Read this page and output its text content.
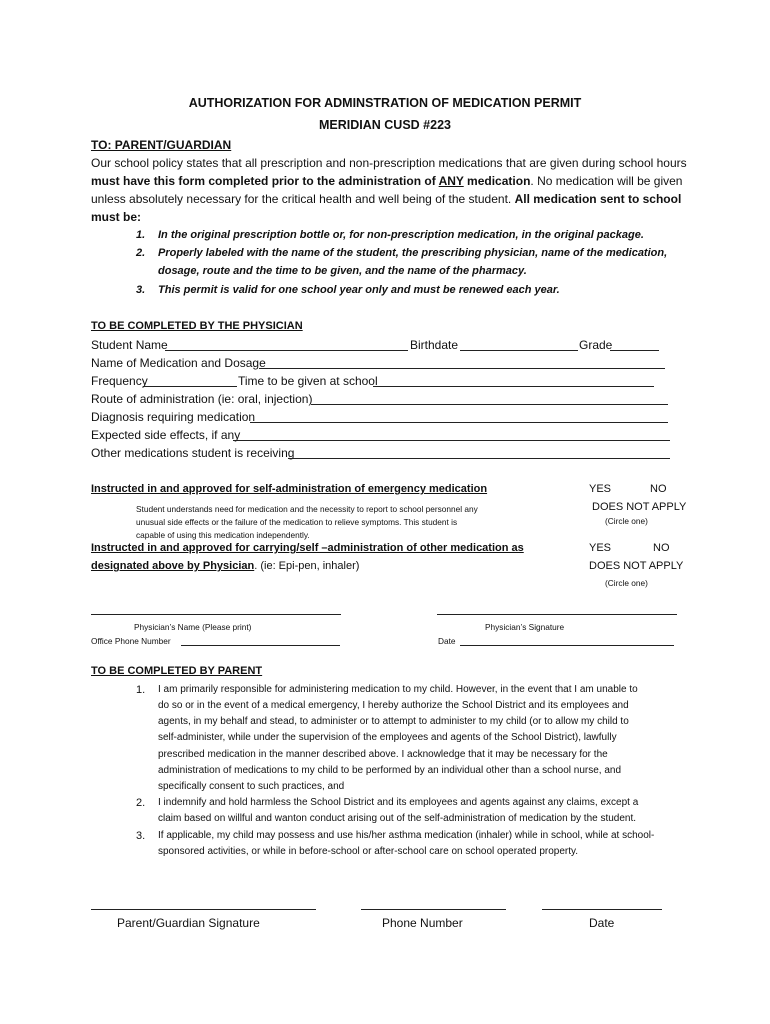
AUTHORIZATION FOR ADMINSTRATION OF MEDICATION PERMIT
MERIDIAN CUSD #223
TO: PARENT/GUARDIAN
Our school policy states that all prescription and non-prescription medications that are given during school hours
must have this form completed prior to the administration of ANY medication. No medication will be given
unless absolutely necessary for the critical health and well being of the student. All medication sent to school
must be:
1. In the original prescription bottle or, for non-prescription medication, in the original package.
2. Properly labeled with the name of the student, the prescribing physician, name of the medication,
dosage, route and the time to be given, and the name of the pharmacy.
3. This permit is valid for one school year only and must be renewed each year.
TO BE COMPLETED BY THE PHYSICIAN
Student Name	Birthdate	Grade
Name of Medication and Dosage
Frequency	Time to be given at school
Route of administration (ie: oral, injection)
Diagnosis requiring medication
Expected side effects, if any
Other medications student is receiving
Instructed in and approved for self-administration of emergency medication	YES	NO
DOES NOT APPLY
(Circle one)
Student understands need for medication and the necessity to report to school personnel any
unusual side effects or the failure of the medication to relieve symptoms. This student is
capable of using this medication independently.
Instructed in and approved for carrying/self –administration of other medication as
designated above by Physician. (ie: Epi-pen, inhaler)
YES	NO
DOES NOT APPLY
(Circle one)
Physician’s Name (Please print)	Physician’s Signature
Office Phone Number	Date
TO BE COMPLETED BY PARENT
1. I am primarily responsible for administering medication to my child. However, in the event that I am unable to
do so or in the event of a medical emergency, I hereby authorize the School District and its employees and
agents, in my behalf and stead, to administer or to attempt to administer to my child (or to allow my child to
self-administer, while under the supervision of the employees and agents of the School District), lawfully
prescribed medication in the manner described above. I acknowledge that it may be necessary for the
administration of medications to my child to be performed by an individual other than a school nurse, and
specifically consent to such practices, and
2. I indemnify and hold harmless the School District and its employees and agents against any claims, except a
claim based on willful and wanton conduct arising out of the self-administration of medication by the student.
3. If applicable, my child may possess and use his/her asthma medication (inhaler) while in school, while at school-
sponsored activities, or while in before-school or after-school care on school operated property.
Parent/Guardian Signature	Phone Number	Date
